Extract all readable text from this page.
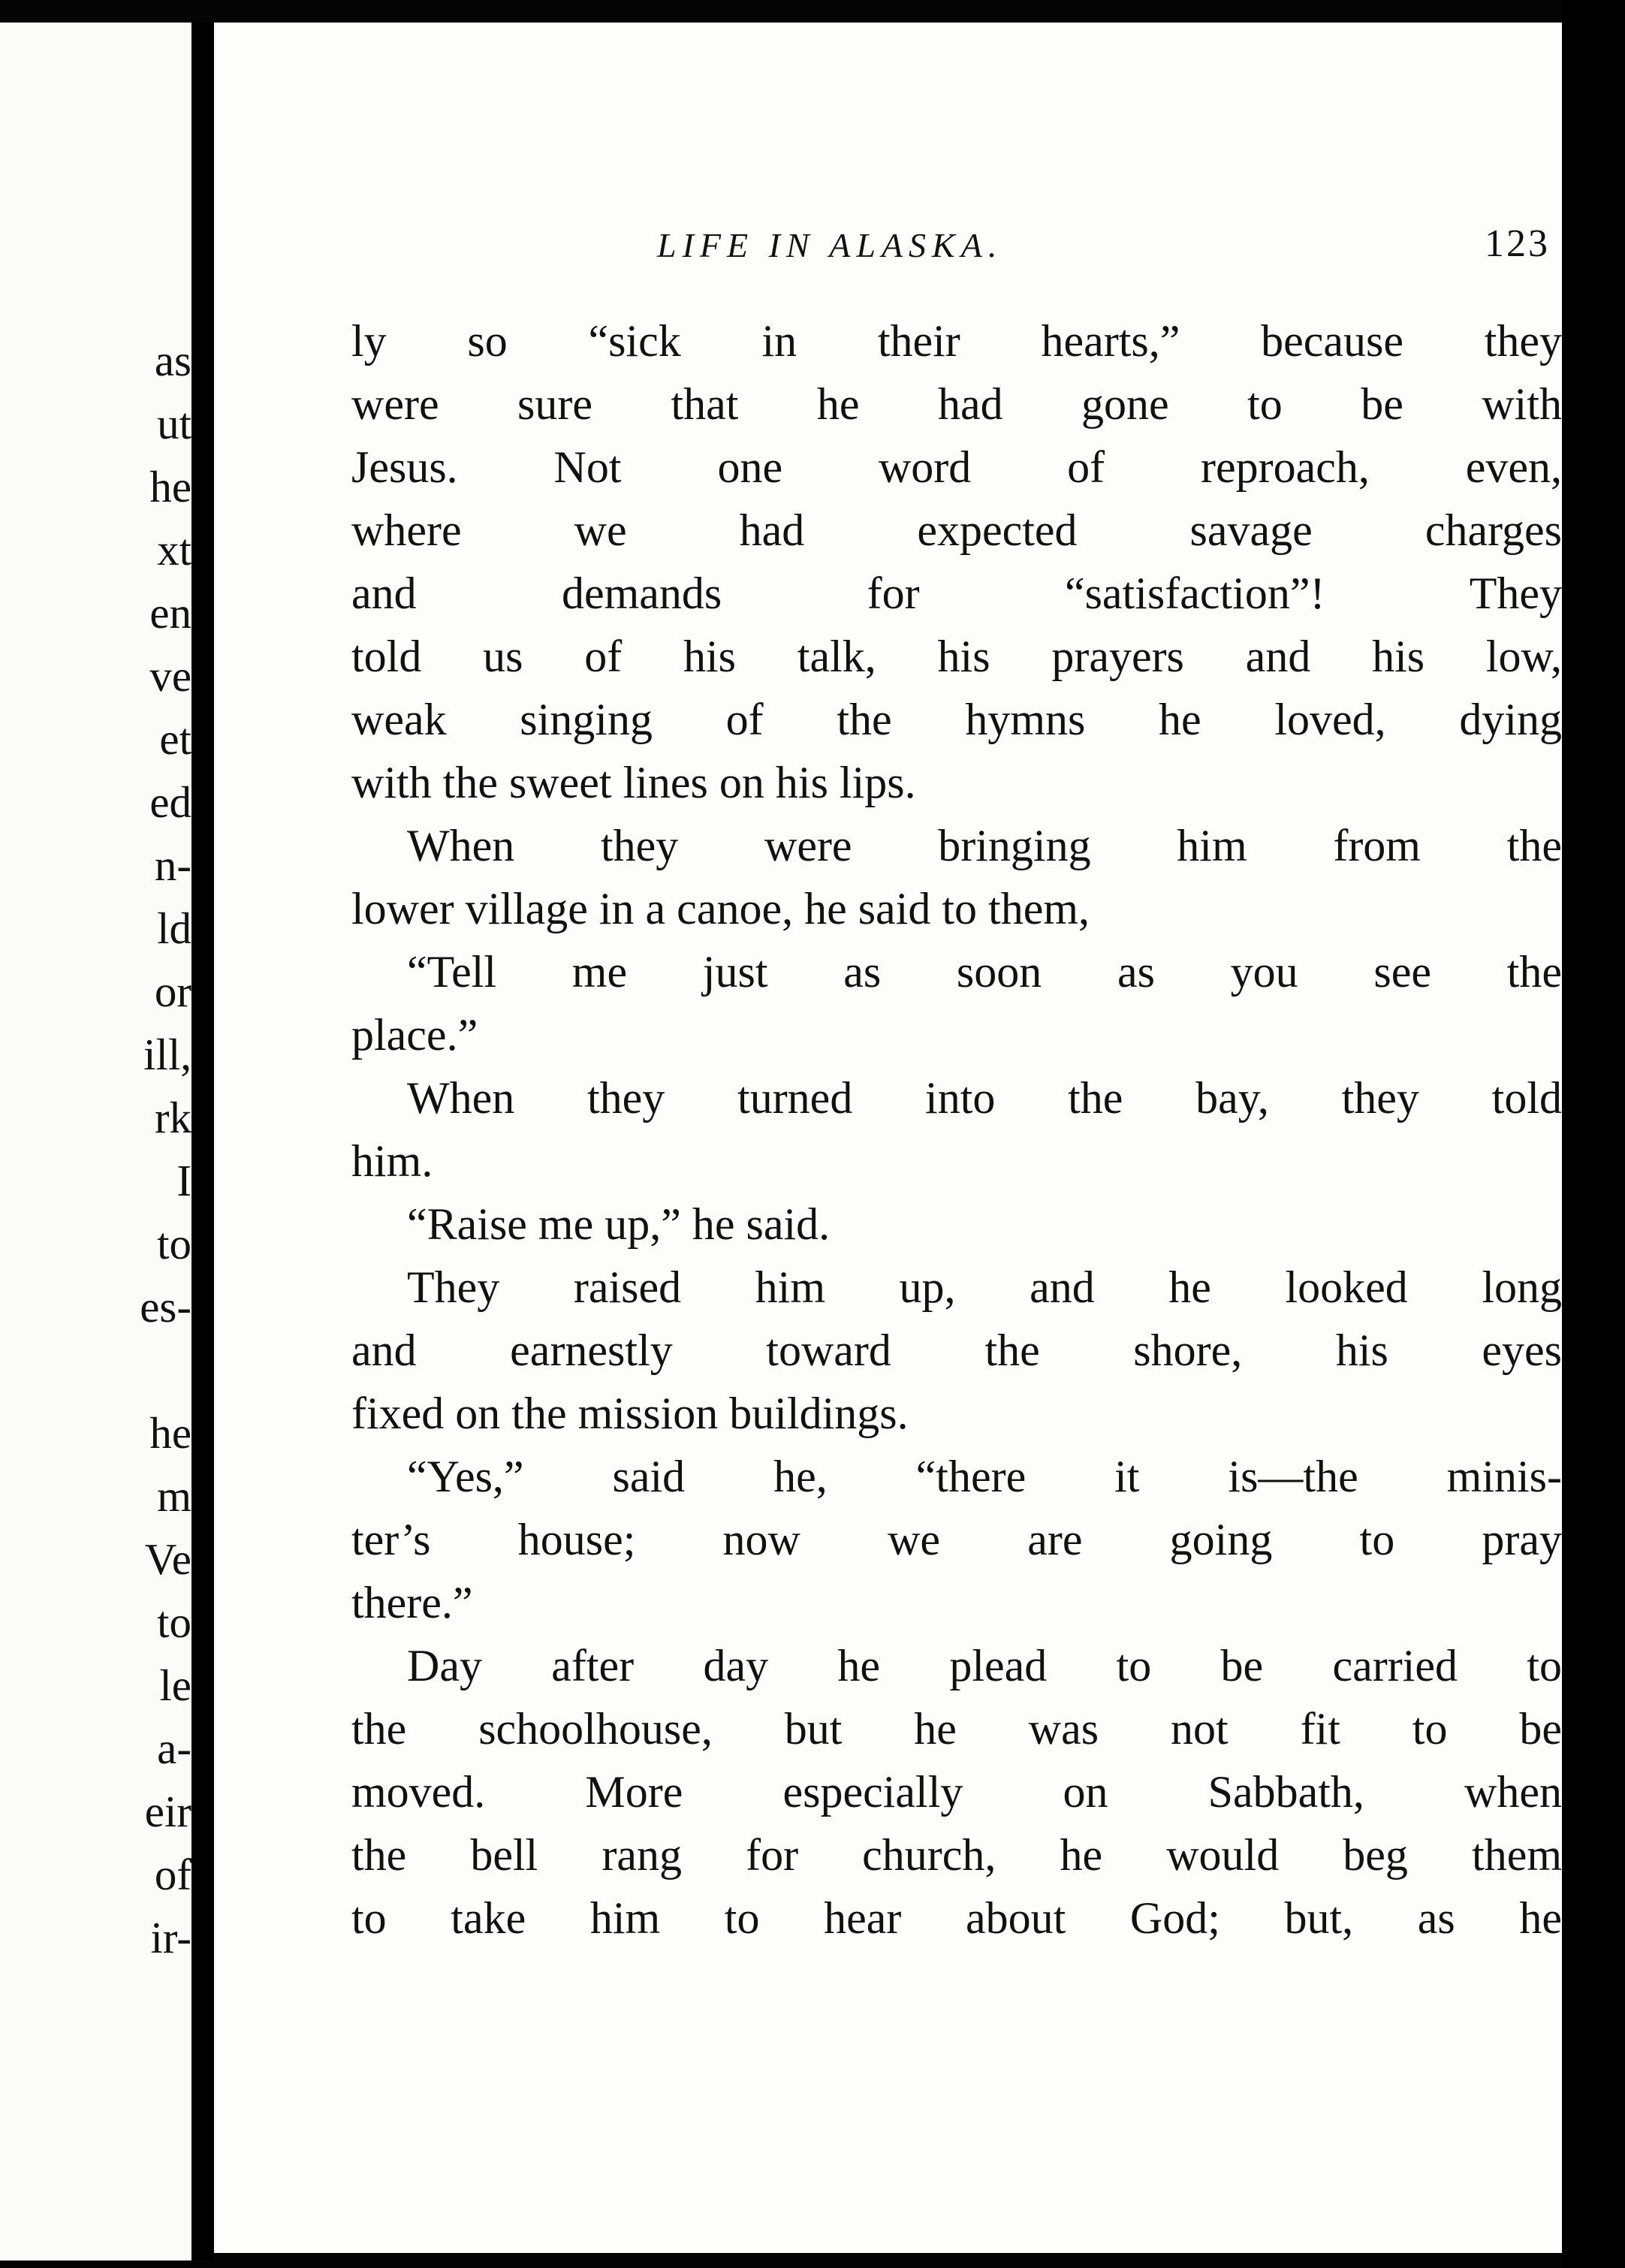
as
ut
he
xt
en
ve
et
ed
n-
ld
or
ill,
rk
I
to
es-
he
m
Ve
to
le
a-
eir
of
ir-
LIFE IN ALASKA.	123
ly so “sick in their hearts,” because they
were sure that he had gone to be with
Jesus. Not one word of reproach, even,
where we had expected savage charges
and demands for “satisfaction”! They
told us of his talk, his prayers and his low,
weak singing of the hymns he loved, dying
with the sweet lines on his lips.
When they were bringing him from the
lower village in a canoe, he said to them,
“Tell me just as soon as you see the
place.”
When they turned into the bay, they told
him.
“Raise me up,” he said.
They raised him up, and he looked long
and earnestly toward the shore, his eyes
fixed on the mission buildings.
“Yes,” said he, “there it is—the minis-
ter’s house; now we are going to pray
there.”
Day after day he plead to be carried to
the schoolhouse, but he was not fit to be
moved. More especially on Sabbath, when
the bell rang for church, he would beg them
to take him to hear about God; but, as he
